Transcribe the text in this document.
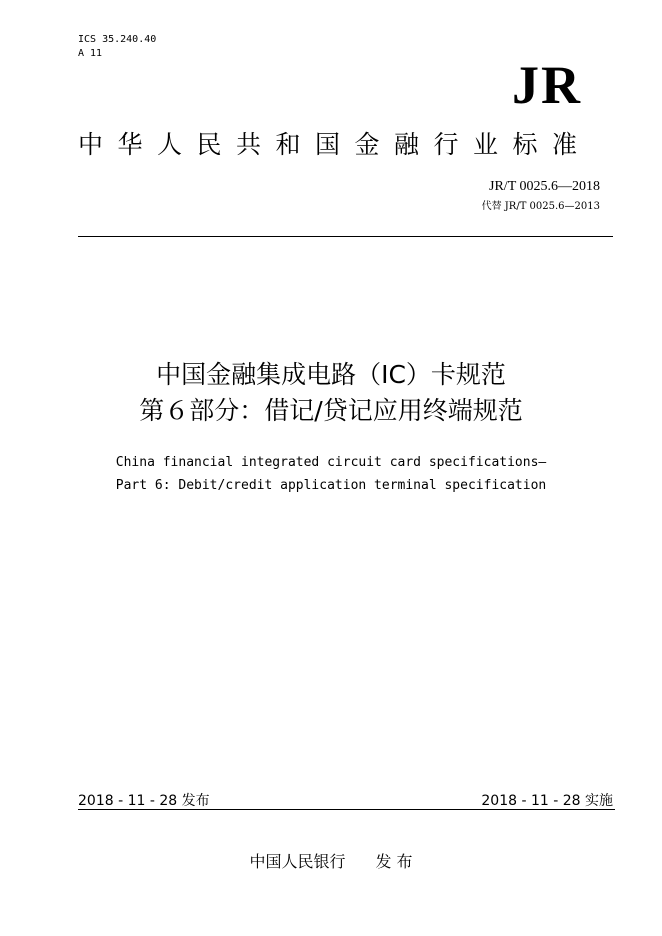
ICS 35.240.40
A 11
JR
中华人民共和国金融行业标准
JR/T 0025.6—2018
代替 JR/T 0025.6—2013
中国金融集成电路（IC）卡规范
第６部分：借记/贷记应用终端规范
China financial integrated circuit card specifications—
Part 6: Debit/credit application terminal specification
2018 - 11 - 28 发布	2018 - 11 - 28 实施
中国人民银行 发 布
